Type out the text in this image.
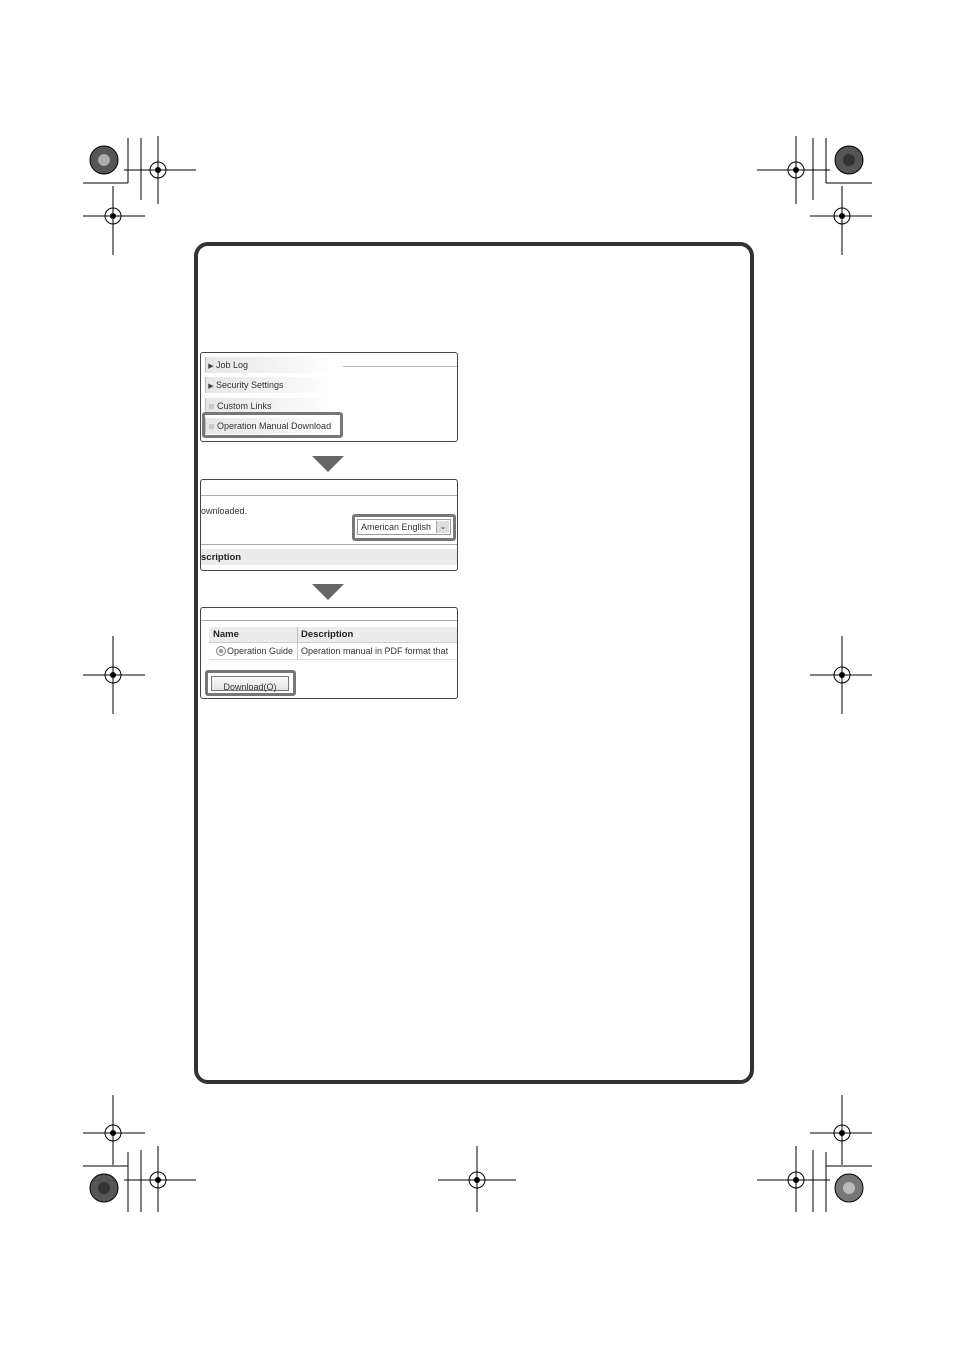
▶ Job Log
▶ Security Settings
Custom Links
Operation Manual Download
ownloaded.
American English	⌄
scription
Name	Description
Operation Guide Operation manual in PDF format that
Download(O)
